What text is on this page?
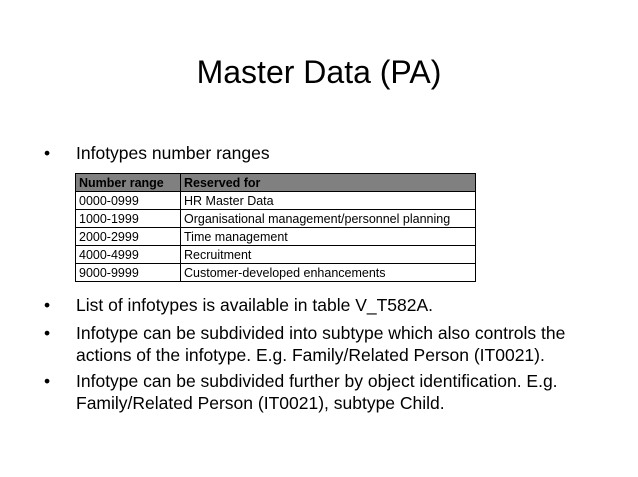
Master Data (PA)
• Infotypes number ranges
Number range	Reserved for
0000-0999	HR Master Data
1000-1999	Organisational management/personnel planning
2000-2999	Time management
4000-4999	Recruitment
9000-9999	Customer-developed enhancements
• List of infotypes is available in table V_T582A.
• Infotype can be subdivided into subtype which also controls the actions of the infotype. E.g. Family/Related Person (IT0021).
• Infotype can be subdivided further by object identification. E.g. Family/Related Person (IT0021), subtype Child.
